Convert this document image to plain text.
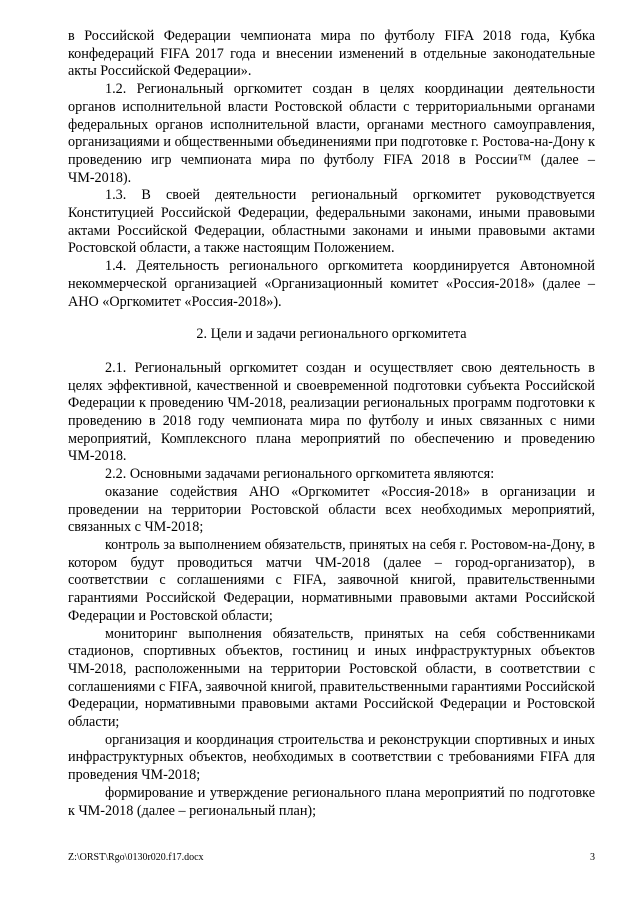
в Российской Федерации чемпионата мира по футболу FIFA 2018 года, Кубка конфедераций FIFA 2017 года и внесении изменений в отдельные законодательные акты Российской Федерации».

1.2. Региональный оргкомитет создан в целях координации деятельности органов исполнительной власти Ростовской области с территориальными органами федеральных органов исполнительной власти, органами местного самоуправления, организациями и общественными объединениями при подготовке г. Ростова-на-Дону к проведению игр чемпионата мира по футболу FIFA 2018 в России™ (далее – ЧМ-2018).

1.3. В своей деятельности региональный оргкомитет руководствуется Конституцией Российской Федерации, федеральными законами, иными правовыми актами Российской Федерации, областными законами и иными правовыми актами Ростовской области, а также настоящим Положением.

1.4. Деятельность регионального оргкомитета координируется Автономной некоммерческой организацией «Организационный комитет «Россия-2018» (далее – АНО «Оргкомитет «Россия-2018»).

2. Цели и задачи регионального оргкомитета

2.1. Региональный оргкомитет создан и осуществляет свою деятельность в целях эффективной, качественной и своевременной подготовки субъекта Российской Федерации к проведению ЧМ-2018, реализации региональных программ подготовки к проведению в 2018 году чемпионата мира по футболу и иных связанных с ними мероприятий, Комплексного плана мероприятий по обеспечению и проведению ЧМ-2018.

2.2. Основными задачами регионального оргкомитета являются:

оказание содействия АНО «Оргкомитет «Россия-2018» в организации и проведении на территории Ростовской области всех необходимых мероприятий, связанных с ЧМ-2018;

контроль за выполнением обязательств, принятых на себя г. Ростовом-на-Дону, в котором будут проводиться матчи ЧМ-2018 (далее – город-организатор), в соответствии с соглашениями с FIFA, заявочной книгой, правительственными гарантиями Российской Федерации, нормативными правовыми актами Российской Федерации и Ростовской области;

мониторинг выполнения обязательств, принятых на себя собственниками стадионов, спортивных объектов, гостиниц и иных инфраструктурных объектов ЧМ-2018, расположенными на территории Ростовской области, в соответствии с соглашениями с FIFA, заявочной книгой, правительственными гарантиями Российской Федерации, нормативными правовыми актами Российской Федерации и Ростовской области;

организация и координация строительства и реконструкции спортивных и иных инфраструктурных объектов, необходимых в соответствии с требованиями FIFA для проведения ЧМ-2018;

формирование и утверждение регионального плана мероприятий по подготовке к ЧМ-2018 (далее – региональный план);

Z:\ORST\Rgo\0130r020.f17.docx	3
